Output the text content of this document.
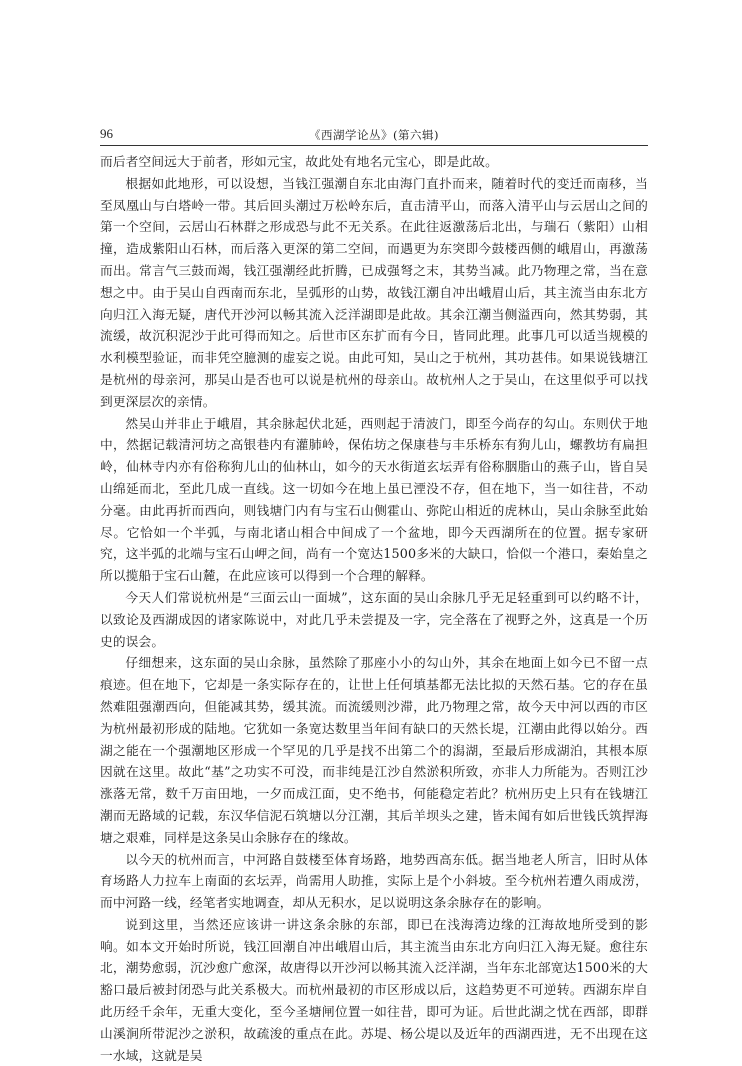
96	《西湖学论丛》(第六辑)

而后者空间远大于前者，形如元宝，故此处有地名元宝心，即是此故。

根据如此地形，可以设想，当钱江强潮自东北由海门直扑而来，随着时代的变迁而南移，当至凤凰山与白塔岭一带。其后回头潮过万松岭东后，直击清平山，而落入清平山与云居山之间的第一个空间，云居山石林群之形成恐与此不无关系。在此往返激荡后北出，与瑞石（紫阳）山相撞，造成紫阳山石林，而后落入更深的第二空间，而遇更为东突即今鼓楼西侧的峨眉山，再激荡而出。常言气三鼓而竭，钱江强潮经此折腾，已成强弩之末，其势当减。此乃物理之常，当在意想之中。由于吴山自西南而东北，呈弧形的山势，故钱江潮自冲出峨眉山后，其主流当由东北方向归江入海无疑，唐代开沙河以畅其流入泛洋湖即是此故。其余江潮当侧溢西向，然其势弱，其流缓，故沉积泥沙于此可得而知之。后世市区东扩而有今日，皆同此理。此事几可以适当规模的水利模型验证，而非凭空臆测的虚妄之说。由此可知，吴山之于杭州，其功甚伟。如果说钱塘江是杭州的母亲河，那吴山是否也可以说是杭州的母亲山。故杭州人之于吴山，在这里似乎可以找到更深层次的亲情。

然吴山并非止于峨眉，其余脉起伏北延，西则起于清波门，即至今尚存的勾山。东则伏于地中，然据记载清河坊之高银巷内有灌肺岭，保佑坊之保康巷与丰乐桥东有狗儿山，螺教坊有扁担岭，仙林寺内亦有俗称狗儿山的仙林山，如今的天水街道玄坛弄有俗称胭脂山的燕子山，皆自吴山绵延而北，至此几成一直线。这一切如今在地上虽已湮没不存，但在地下，当一如往昔，不动分毫。由此再折而西向，则钱塘门内有与宝石山侧霍山、弥陀山相近的虎林山，吴山余脉至此始尽。它恰如一个半弧，与南北诸山相合中间成了一个盆地，即今天西湖所在的位置。据专家研究，这半弧的北端与宝石山岬之间，尚有一个宽达1500多米的大缺口，恰似一个港口，秦始皇之所以揽船于宝石山麓，在此应该可以得到一个合理的解释。

今天人们常说杭州是“三面云山一面城”，这东面的吴山余脉几乎无足轻重到可以约略不计，以致论及西湖成因的诸家陈说中，对此几乎未尝提及一字，完全落在了视野之外，这真是一个历史的误会。

仔细想来，这东面的吴山余脉，虽然除了那座小小的勾山外，其余在地面上如今已不留一点痕迹。但在地下，它却是一条实际存在的，让世上任何填基都无法比拟的天然石基。它的存在虽然难阻强潮西向，但能减其势，缓其流。而流缓则沙滞，此乃物理之常，故今天中河以西的市区为杭州最初形成的陆地。它犹如一条宽达数里当年间有缺口的天然长堤，江潮由此得以始分。西湖之能在一个强潮地区形成一个罕见的几乎是找不出第二个的潟湖，至最后形成湖泊，其根本原因就在这里。故此“基”之功实不可没，而非纯是江沙自然淤积所致，亦非人力所能为。否则江沙涨落无常，数千万亩田地，一夕而成江面，史不绝书，何能稳定若此？杭州历史上只有在钱塘江潮而无路域的记载，东汉华信泥石筑塘以分江潮，其后羊坝头之建，皆未闻有如后世钱氏筑捍海塘之艰难，同样是这条吴山余脉存在的缘故。

以今天的杭州而言，中河路自鼓楼至体育场路，地势西高东低。据当地老人所言，旧时从体育场路人力拉车上南面的玄坛弄，尚需用人助推，实际上是个小斜坡。至今杭州若遭久雨成涝，而中河路一线，经笔者实地调查，却从无积水，足以说明这条余脉存在的影响。

说到这里，当然还应该讲一讲这条余脉的东部，即已在浅海湾边缘的江海故地所受到的影响。如本文开始时所说，钱江回潮自冲出峨眉山后，其主流当由东北方向归江入海无疑。愈往东北，潮势愈弱，沉沙愈广愈深，故唐得以开沙河以畅其流入泛洋湖，当年东北部宽达1500米的大豁口最后被封闭恐与此关系极大。而杭州最初的市区形成以后，这趋势更不可逆转。西湖东岸自此历经千余年，无重大变化，至今圣塘闸位置一如往昔，即可为证。后世此湖之忧在西部，即群山溪涧所带泥沙之淤积，故疏浚的重点在此。苏堤、杨公堤以及近年的西湖西进，无不出现在这一水域，这就是吴
